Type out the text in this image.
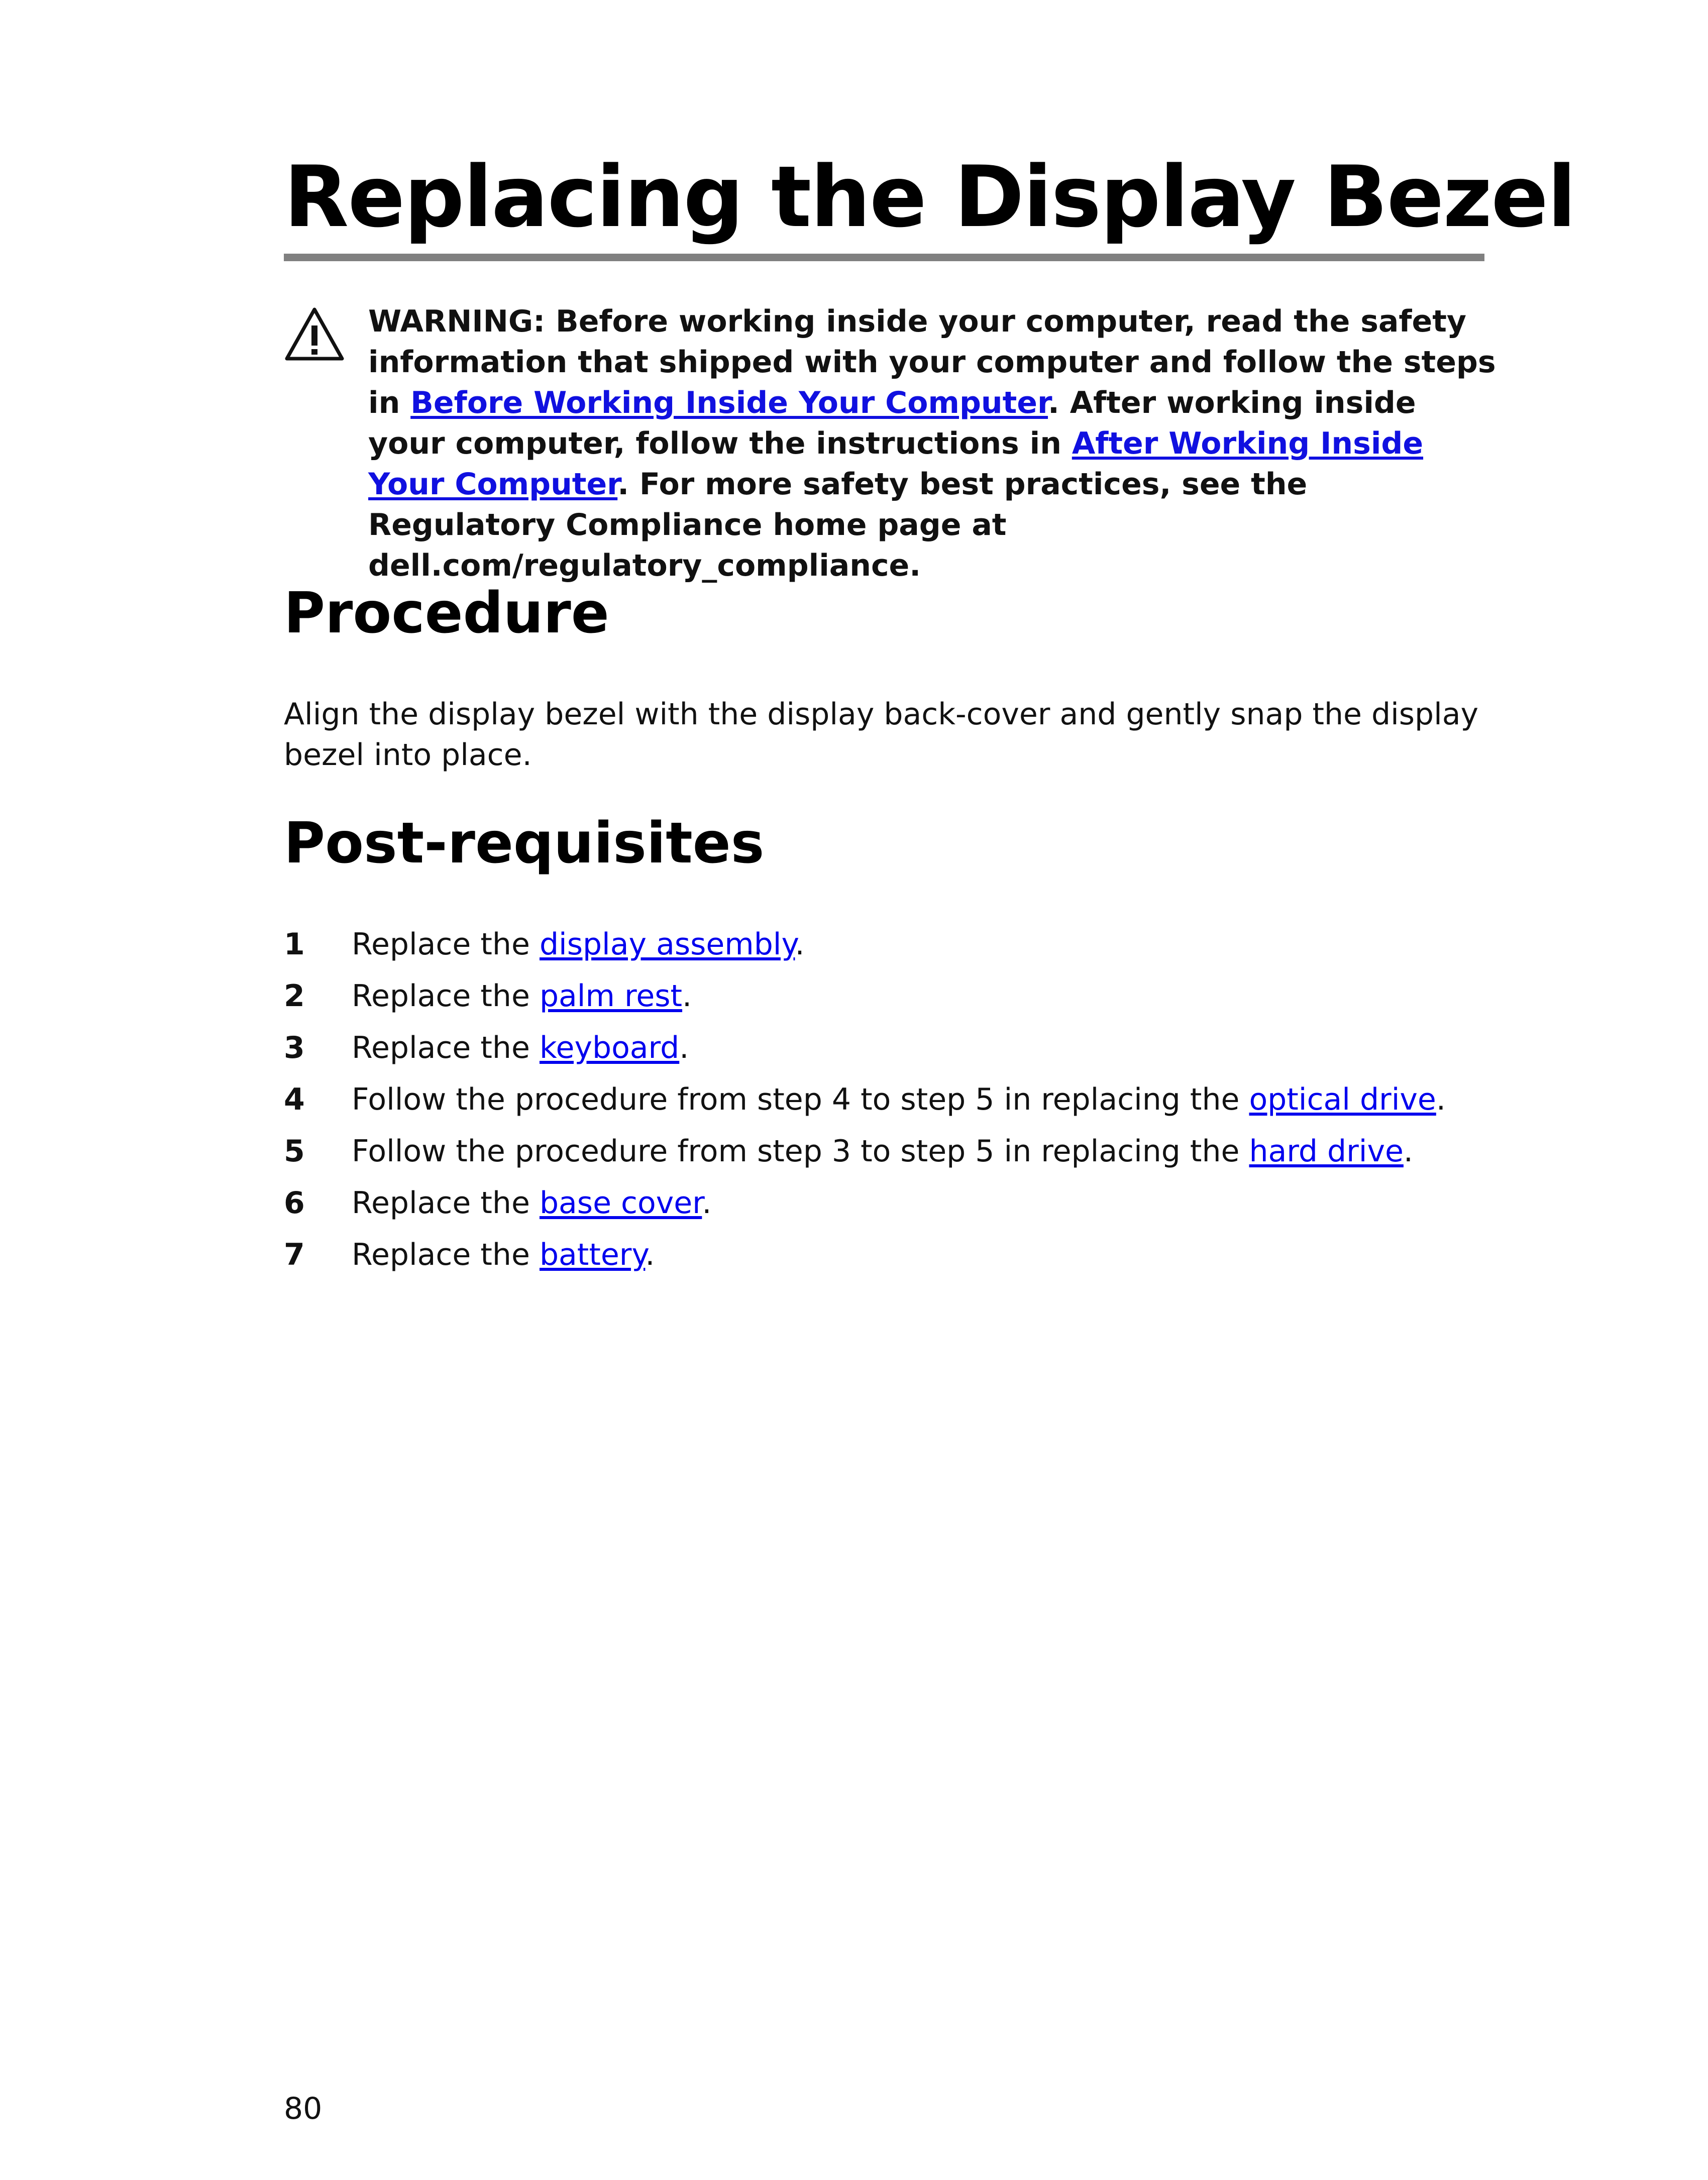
Replacing the Display Bezel

WARNING: Before working inside your computer, read the safety information that shipped with your computer and follow the steps in Before Working Inside Your Computer. After working inside your computer, follow the instructions in After Working Inside Your Computer. For more safety best practices, see the Regulatory Compliance home page at dell.com/regulatory_compliance.

Procedure

Align the display bezel with the display back-cover and gently snap the display bezel into place.

Post-requisites
1 Replace the display assembly.
2 Replace the palm rest.
3 Replace the keyboard.
4 Follow the procedure from step 4 to step 5 in replacing the optical drive.
5 Follow the procedure from step 3 to step 5 in replacing the hard drive.
6 Replace the base cover.
7 Replace the battery.
80
